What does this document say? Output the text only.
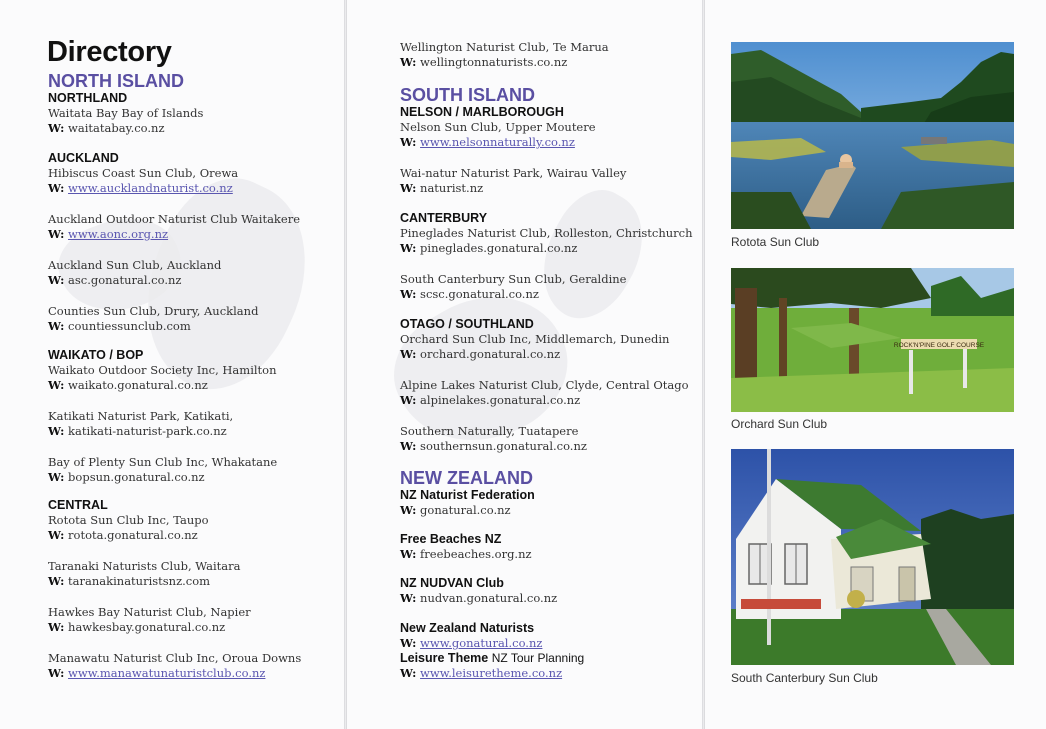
Directory
NORTH ISLAND
NORTHLAND
Waitata Bay Bay of Islands
W: waitatabay.co.nz
AUCKLAND
Hibiscus Coast Sun Club, Orewa
W: www.aucklandnaturist.co.nz
Auckland Outdoor Naturist Club Waitakere
W: www.aonc.org.nz
Auckland Sun Club, Auckland
W: asc.gonatural.co.nz
Counties Sun Club, Drury, Auckland
W: countiessunclub.com
WAIKATO / BOP
Waikato Outdoor Society Inc, Hamilton
W: waikato.gonatural.co.nz
Katikati Naturist Park, Katikati,
W: katikati-naturist-park.co.nz
Bay of Plenty Sun Club Inc, Whakatane
W: bopsun.gonatural.co.nz
CENTRAL
Rotota Sun Club Inc, Taupo
W: rotota.gonatural.co.nz
Taranaki Naturists Club, Waitara
W: taranakinaturistsnz.com
Hawkes Bay Naturist Club, Napier
W: hawkesbay.gonatural.co.nz
Manawatu Naturist Club Inc, Oroua Downs
W: www.manawatunaturistclub.co.nz
Wellington Naturist Club, Te Marua
W: wellingtonnaturists.co.nz
SOUTH ISLAND
NELSON / MARLBOROUGH
Nelson Sun Club, Upper Moutere
W: www.nelsonnaturally.co.nz
Wai-natur Naturist Park, Wairau Valley
W: naturist.nz
CANTERBURY
Pineglades Naturist Club, Rolleston, Christchurch
W: pineglades.gonatural.co.nz
South Canterbury Sun Club, Geraldine
W: scsc.gonatural.co.nz
OTAGO / SOUTHLAND
Orchard Sun Club Inc, Middlemarch, Dunedin
W: orchard.gonatural.co.nz
Alpine Lakes Naturist Club, Clyde, Central Otago
W: alpinelakes.gonatural.co.nz
Southern Naturally, Tuatapere
W: southernsun.gonatural.co.nz
NEW ZEALAND
NZ Naturist Federation
W: gonatural.co.nz
Free Beaches NZ
W: freebeaches.org.nz
NZ NUDVAN Club
W: nudvan.gonatural.co.nz
New Zealand Naturists
W: www.gonatural.co.nz
Leisure Theme NZ Tour Planning
W: www.leisuretheme.co.nz
Rotota Sun Club
ROCK'N'PINE GOLF COURSE
Orchard Sun Club
South Canterbury Sun Club
